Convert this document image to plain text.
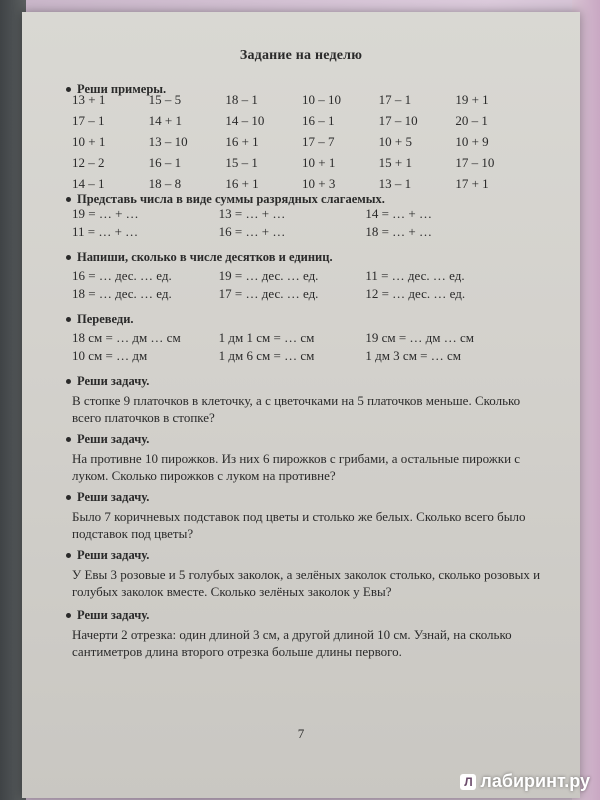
Задание на неделю
Реши примеры.
13 + 1	15 – 5	18 – 1	10 – 10	17 – 1	19 + 1
17 – 1	14 + 1	14 – 10	16 – 1	17 – 10	20 – 1
10 + 1	13 – 10	16 + 1	17 – 7	10 + 5	10 + 9
12 – 2	16 – 1	15 – 1	10 + 1	15 + 1	17 – 10
14 – 1	18 – 8	16 + 1	10 + 3	13 – 1	17 + 1
Представь числа в виде суммы разрядных слагаемых.
19 = … + …	13 = … + …	14 = … + …
11 = … + …	16 = … + …	18 = … + …
Напиши, сколько в числе десятков и единиц.
16 = … дес. … ед.	19 = … дес. … ед.	11 = … дес. … ед.
18 = … дес. … ед.	17 = … дес. … ед.	12 = … дес. … ед.
Переведи.
18 см = … дм … см	1 дм 1 см = … см	19 см = … дм … см
10 см = … дм	1 дм 6 см = … см	1 дм 3 см = … см
Реши задачу.
В стопке 9 платочков в клеточку, а с цветочками на 5 платочков меньше. Сколько всего платочков в стопке?
Реши задачу.
На противне 10 пирожков. Из них 6 пирожков с грибами, а остальные пирожки с луком. Сколько пирожков с луком на противне?
Реши задачу.
Было 7 коричневых подставок под цветы и столько же белых. Сколько всего было подставок под цветы?
Реши задачу.
У Евы 3 розовые и 5 голубых заколок, а зелёных заколок столько, сколько розовых и голубых заколок вместе. Сколько зелёных заколок у Евы?
Реши задачу.
Начерти 2 отрезка: один длиной 3 см, а другой длиной 10 см. Узнай, на сколько сантиметров длина второго отрезка больше длины первого.
7
Л лабиринт.ру
